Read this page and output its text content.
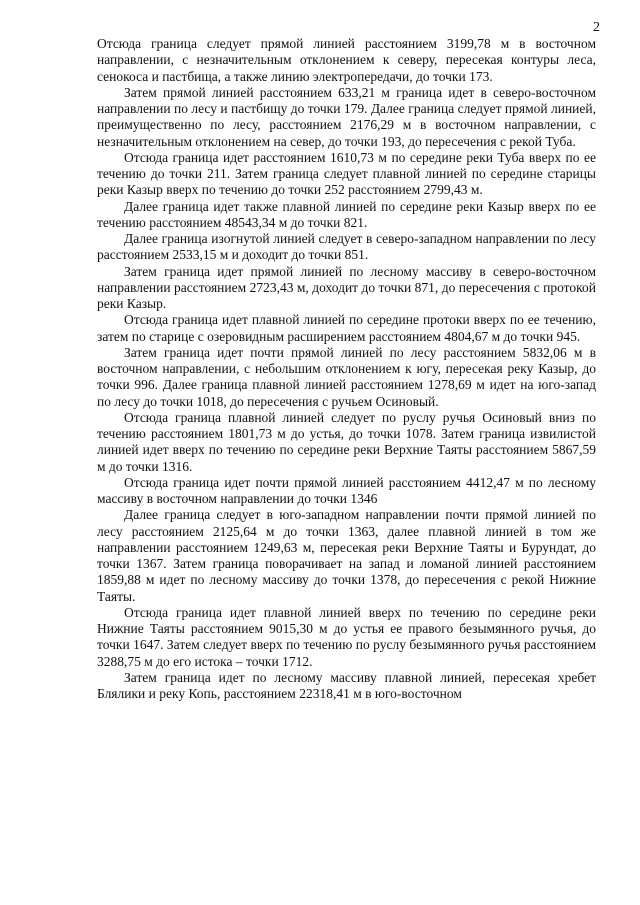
2

Отсюда граница следует прямой линией расстоянием 3199,78 м в восточном направлении, с незначительным отклонением к северу, пересекая контуры леса, сенокоса и пастбища, а также линию электропередачи, до точки 173.

Затем прямой линией расстоянием 633,21 м граница идет в северо-восточном направлении по лесу и пастбищу до точки 179. Далее граница следует прямой линией, преимущественно по лесу, расстоянием 2176,29 м в восточном направлении, с незначительным отклонением на север, до точки 193, до пересечения с рекой Туба.

Отсюда граница идет расстоянием 1610,73 м по середине реки Туба вверх по ее течению до точки 211. Затем граница следует плавной линией по середине старицы реки Казыр вверх по течению до точки 252 расстоянием 2799,43 м.

Далее граница идет также плавной линией по середине реки Казыр вверх по ее течению расстоянием 48543,34 м до точки 821.

Далее граница изогнутой линией следует в северо-западном направлении по лесу расстоянием 2533,15 м и доходит до точки 851.

Затем граница идет прямой линией по лесному массиву в северо-восточном направлении расстоянием 2723,43 м, доходит до точки 871, до пересечения с протокой реки Казыр.

Отсюда граница идет плавной линией по середине протоки вверх по ее течению, затем по старице с озеровидным расширением расстоянием 4804,67 м до точки 945.

Затем граница идет почти прямой линией по лесу расстоянием 5832,06 м в восточном направлении, с небольшим отклонением к югу, пересекая реку Казыр, до точки 996. Далее граница плавной линией расстоянием 1278,69 м идет на юго-запад по лесу до точки 1018, до пересечения с ручьем Осиновый.

Отсюда граница плавной линией следует по руслу ручья Осиновый вниз по течению расстоянием 1801,73 м до устья, до точки 1078. Затем граница извилистой линией идет вверх по течению по середине реки Верхние Таяты расстоянием 5867,59 м до точки 1316.

Отсюда граница идет почти прямой линией расстоянием 4412,47 м по лесному массиву в восточном направлении до точки 1346

Далее граница следует в юго-западном направлении почти прямой линией по лесу расстоянием 2125,64 м до точки 1363, далее плавной линией в том же направлении расстоянием 1249,63 м, пересекая реки Верхние Таяты и Бурундат, до точки 1367. Затем граница поворачивает на запад и ломаной линией расстоянием 1859,88 м идет по лесному массиву до точки 1378, до пересечения с рекой Нижние Таяты.

Отсюда граница идет плавной линией вверх по течению по середине реки Нижние Таяты расстоянием 9015,30 м до устья ее правого безымянного ручья, до точки 1647. Затем следует вверх по течению по руслу безымянного ручья расстоянием 3288,75 м до его истока – точки 1712.

Затем граница идет по лесному массиву плавной линией, пересекая хребет Блялики и реку Копь, расстоянием 22318,41 м в юго-восточном
